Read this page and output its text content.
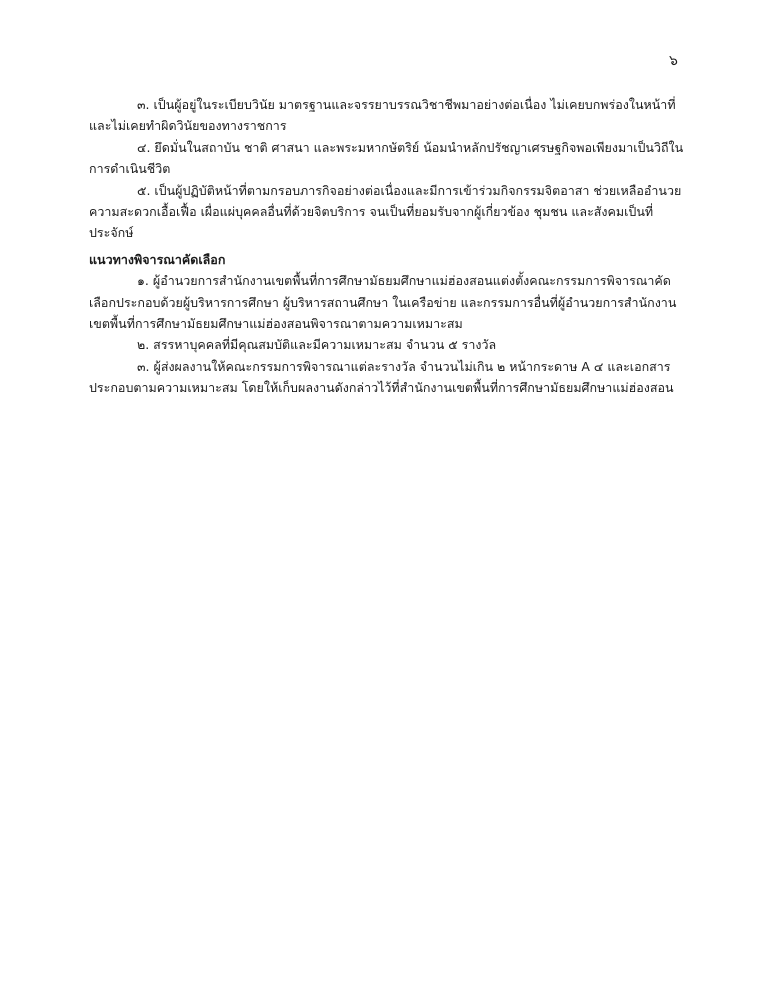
๖

๓. เป็นผู้อยู่ในระเบียบวินัย มาตรฐานและจรรยาบรรณวิชาชีพมาอย่างต่อเนื่อง ไม่เคยบกพร่องในหน้าที่และไม่เคยทำผิดวินัยของทางราชการ

๔. ยึดมั่นในสถาบัน ชาติ ศาสนา และพระมหากษัตริย์ น้อมนำหลักปรัชญาเศรษฐกิจพอเพียงมาเป็นวิถีในการดำเนินชีวิต

๕. เป็นผู้ปฏิบัติหน้าที่ตามกรอบภารกิจอย่างต่อเนื่องและมีการเข้าร่วมกิจกรรมจิตอาสา ช่วยเหลืออำนวยความสะดวกเอื้อเฟื้อ เผื่อแผ่บุคคลอื่นที่ด้วยจิตบริการ จนเป็นที่ยอมรับจากผู้เกี่ยวข้อง ชุมชน และสังคมเป็นที่ประจักษ์

แนวทางพิจารณาคัดเลือก

๑. ผู้อำนวยการสำนักงานเขตพื้นที่การศึกษามัธยมศึกษาแม่ฮ่องสอนแต่งตั้งคณะกรรมการพิจารณาคัดเลือกประกอบด้วยผู้บริหารการศึกษา ผู้บริหารสถานศึกษา ในเครือข่าย และกรรมการอื่นที่ผู้อำนวยการสำนักงานเขตพื้นที่การศึกษามัธยมศึกษาแม่ฮ่องสอนพิจารณาตามความเหมาะสม

๒. สรรหาบุคคลที่มีคุณสมบัติและมีความเหมาะสม จำนวน ๕ รางวัล

๓. ผู้ส่งผลงานให้คณะกรรมการพิจารณาแต่ละรางวัล จำนวนไม่เกิน ๒ หน้ากระดาษ A ๔ และเอกสารประกอบตามความเหมาะสม โดยให้เก็บผลงานดังกล่าวไว้ที่สำนักงานเขตพื้นที่การศึกษามัธยมศึกษาแม่ฮ่องสอน
